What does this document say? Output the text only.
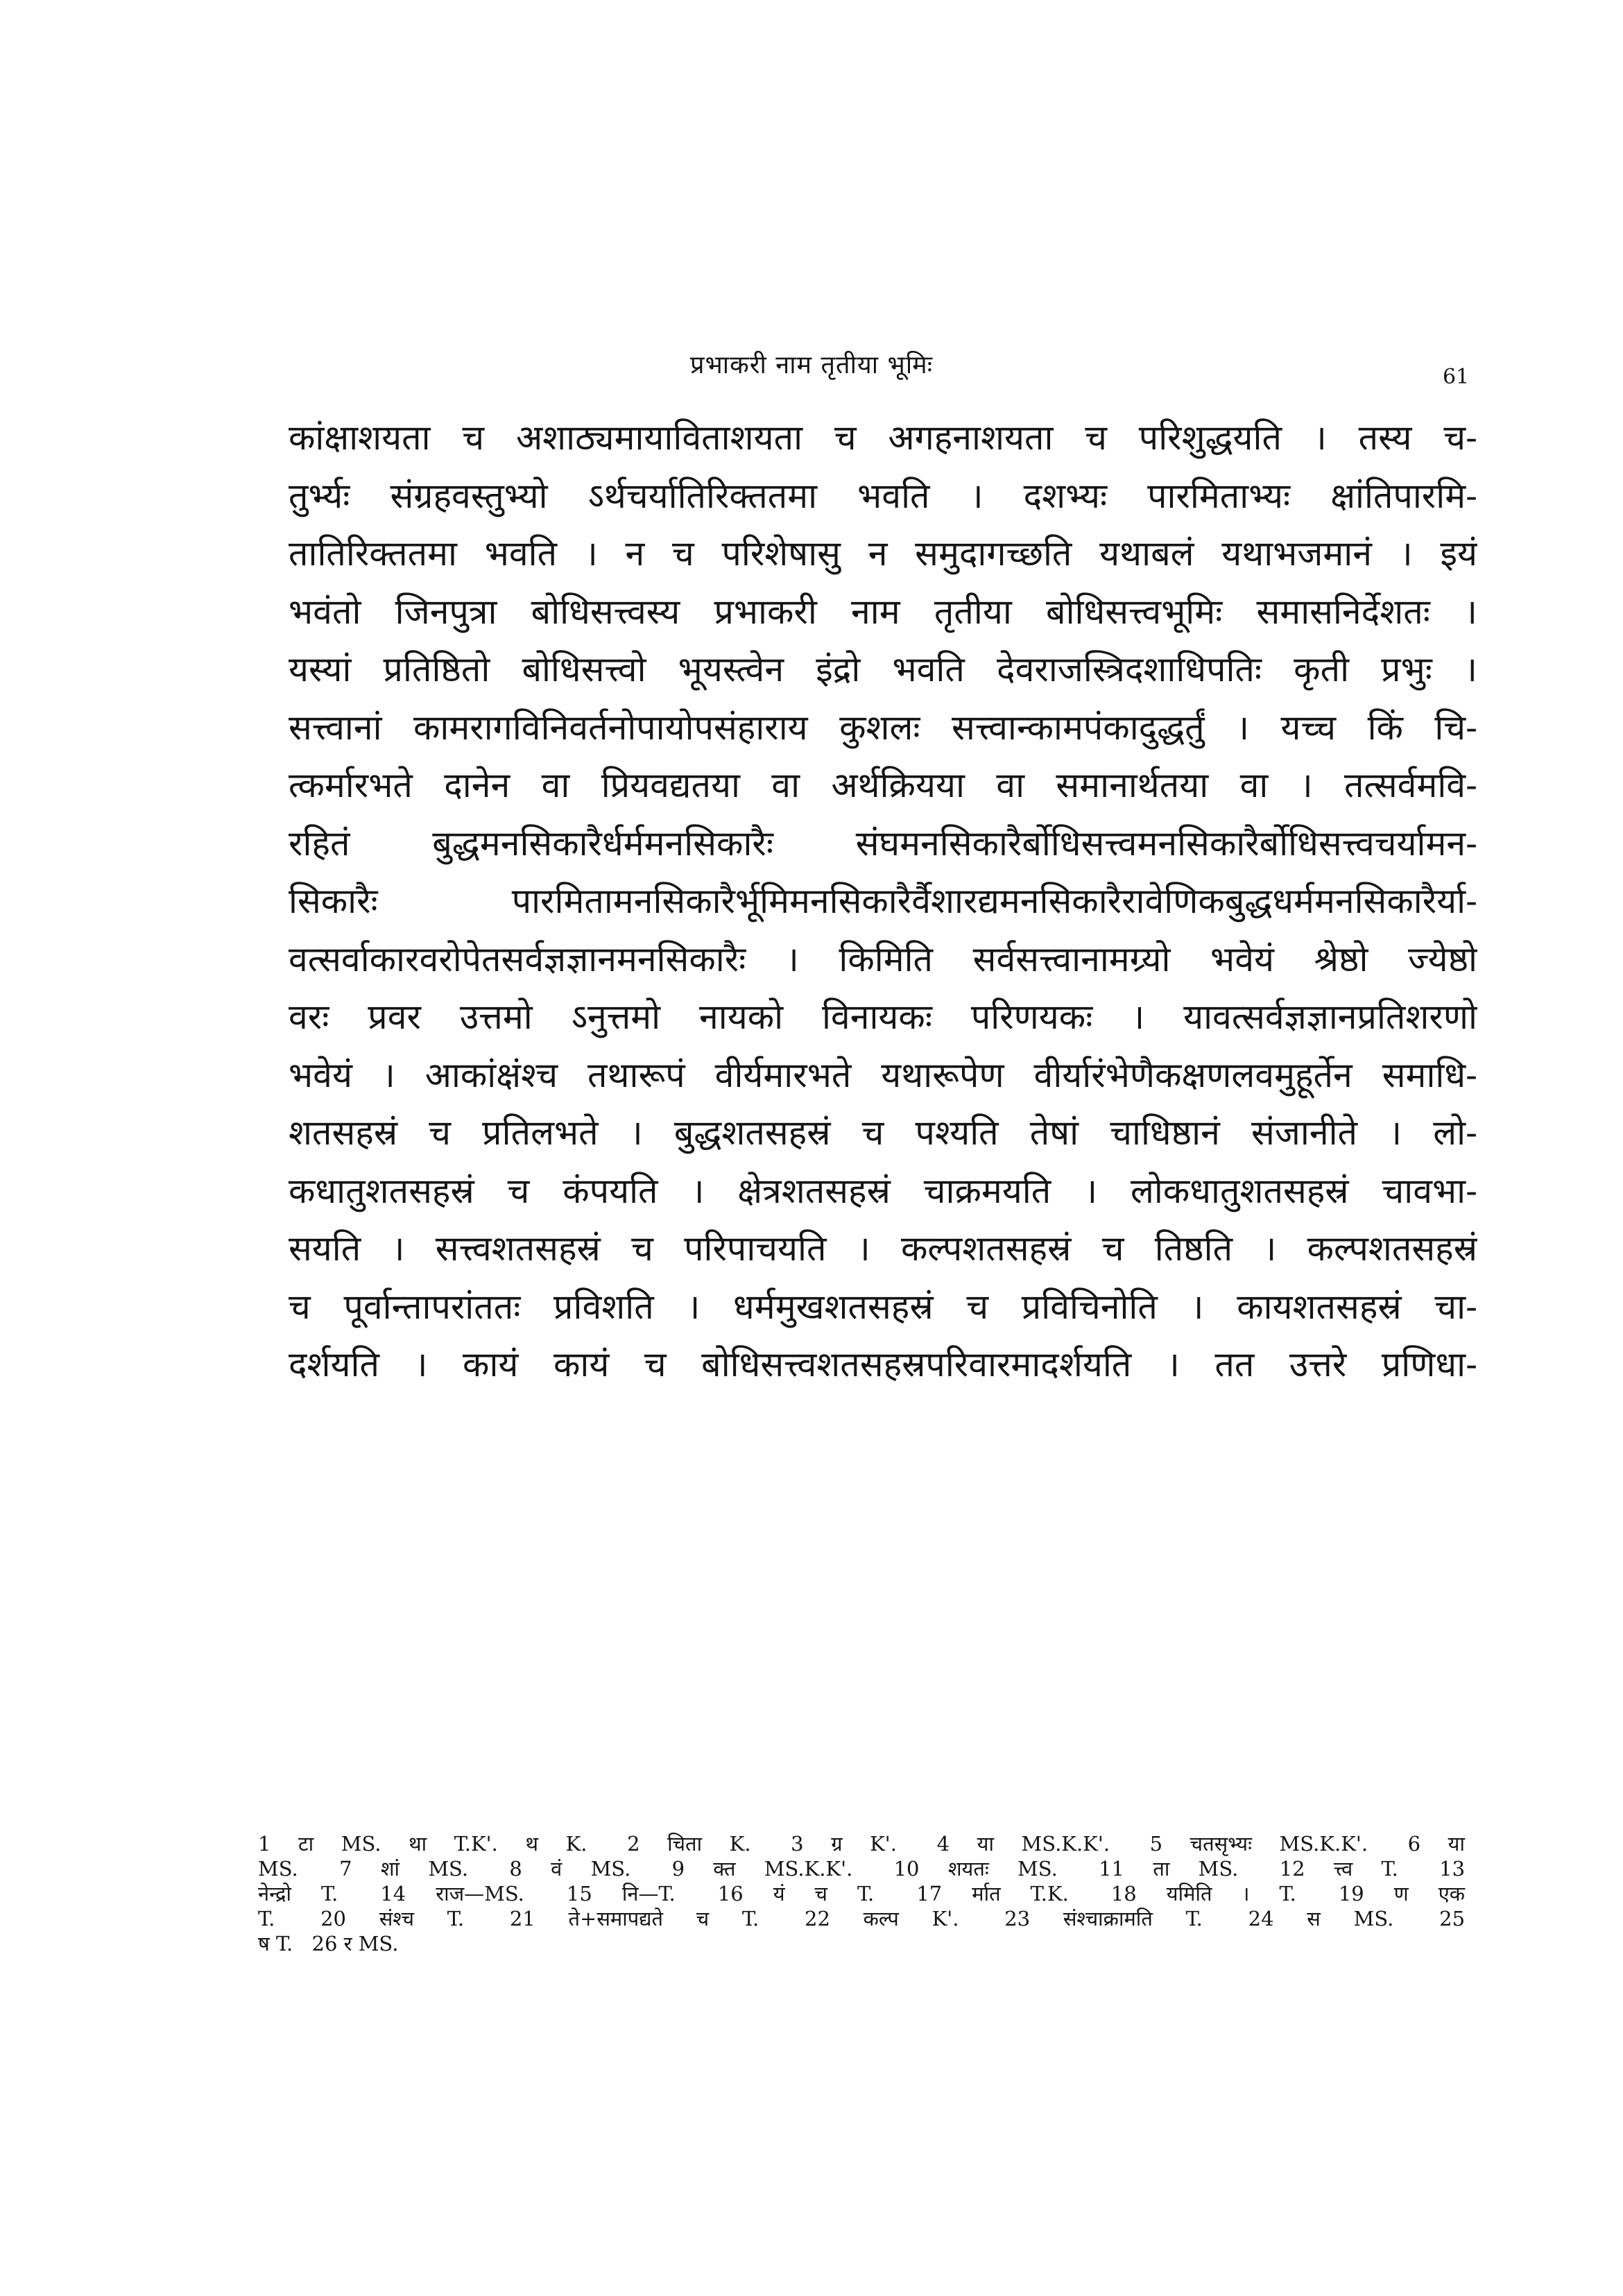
प्रभाकरी नाम तृतीया भूमिः	61
कांक्षाशयता च अशाठ्यमायाविताशयता च अगहनाशयता च परिशुद्धयति । तस्य च-
तुर्भ्यः संग्रहवस्तुभ्यो ऽर्थचर्यातिरिक्ततमा भवति । दशभ्यः पारमिताभ्यः क्षांतिपारमि-
तातिरिक्ततमा भवति । न च परिशेषासु न समुदागच्छति यथाबलं यथाभजमानं । इयं
भवंतो जिनपुत्रा बोधिसत्त्वस्य प्रभाकरी नाम तृतीया बोधिसत्त्वभूमिः समासनिर्देशतः ।
यस्यां प्रतिष्ठितो बोधिसत्त्वो भूयस्त्वेन इंद्रो भवति देवराजस्त्रिदशाधिपतिः कृती प्रभुः ।
सत्त्वानां कामरागविनिवर्तनोपायोपसंहाराय कुशलः सत्त्वान्कामपंकादुद्धर्तुं । यच्च किं चि-
त्कर्मारभते दानेन वा प्रियवद्यतया वा अर्थक्रियया वा समानार्थतया वा । तत्सर्वमवि-
रहितं बुद्धमनसिकारैर्धर्ममनसिकारैः संघमनसिकारैर्बोधिसत्त्वमनसिकारैर्बोधिसत्त्वचर्यामन-
सिकारैः पारमितामनसिकारैर्भूमिमनसिकारैर्वैशारद्यमनसिकारैरावेणिकबुद्धधर्ममनसिकारैर्या-
वत्सर्वाकारवरोपेतसर्वज्ञज्ञानमनसिकारैः । किमिति सर्वसत्त्वानामग्र्यो भवेयं श्रेष्ठो ज्येष्ठो
वरः प्रवर उत्तमो ऽनुत्तमो नायको विनायकः परिणयकः । यावत्सर्वज्ञज्ञानप्रतिशरणो
भवेयं । आकांक्षंश्च तथारूपं वीर्यमारभते यथारूपेण वीर्यारंभेणैकक्षणलवमुहूर्तेन समाधि-
शतसहस्रं च प्रतिलभते । बुद्धशतसहस्रं च पश्यति तेषां चाधिष्ठानं संजानीते । लो-
कधातुशतसहस्रं च कंपयति । क्षेत्रशतसहस्रं चाक्रमयति । लोकधातुशतसहस्रं चावभा-
सयति । सत्त्वशतसहस्रं च परिपाचयति । कल्पशतसहस्रं च तिष्ठति । कल्पशतसहस्रं
च पूर्वान्तापरांततः प्रविशति । धर्ममुखशतसहस्रं च प्रविचिनोति । कायशतसहस्रं चा-
दर्शयति । कायं कायं च बोधिसत्त्वशतसहस्रपरिवारमादर्शयति । तत उत्तरे प्रणिधा-
1 टा MS. था T.K'. थ K. 2 चिता K. 3 ग्र K'. 4 या MS.K.K'. 5 चतसृभ्यः MS.K.K'. 6 या
MS. 7 शां MS. 8 वं MS. 9 क्त MS.K.K'. 10 शयतः MS. 11 ता MS. 12 त्त्व T. 13
नेन्द्रो T. 14 राज—MS. 15 नि—T. 16 यं च T. 17 र्मात T.K. 18 यमिति । T. 19 ण एक
T. 20 संश्च T. 21 ते+समापद्यते च T. 22 कल्प K'. 23 संश्चाक्रामति T. 24 स MS. 25
ष T. 26 र MS.
